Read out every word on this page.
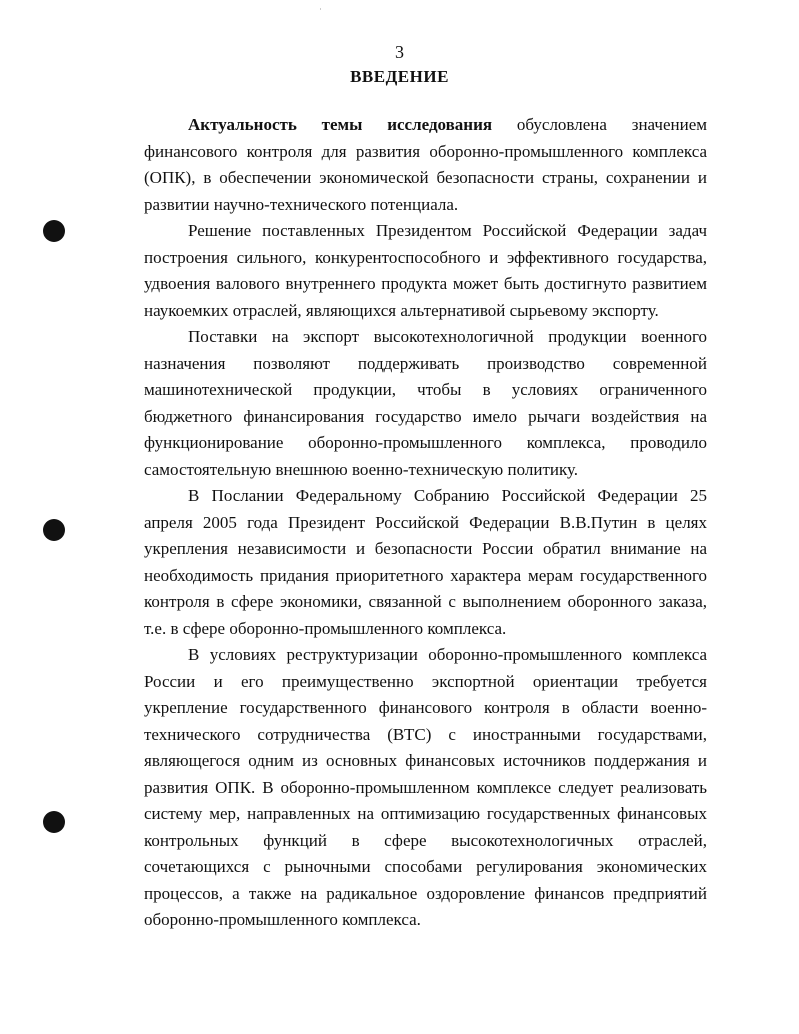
3
ВВЕДЕНИЕ

Актуальность темы исследования обусловлена значением финансового контроля для развития оборонно-промышленного комплекса (ОПК), в обеспечении экономической безопасности страны, сохранении и развитии научно-технического потенциала.

Решение поставленных Президентом Российской Федерации задач построения сильного, конкурентоспособного и эффективного государства, удвоения валового внутреннего продукта может быть достигнуто развитием наукоемких отраслей, являющихся альтернативой сырьевому экспорту.

Поставки на экспорт высокотехнологичной продукции военного назначения позволяют поддерживать производство современной машинотехнической продукции, чтобы в условиях ограниченного бюджетного финансирования государство имело рычаги воздействия на функционирование оборонно-промышленного комплекса, проводило самостоятельную внешнюю военно-техническую политику.

В Послании Федеральному Собранию Российской Федерации 25 апреля 2005 года Президент Российской Федерации В.В.Путин в целях укрепления независимости и безопасности России обратил внимание на необходимость придания приоритетного характера мерам государственного контроля в сфере экономики, связанной с выполнением оборонного заказа, т.е. в сфере оборонно-промышленного комплекса.

В условиях реструктуризации оборонно-промышленного комплекса России и его преимущественно экспортной ориентации требуется укрепление государственного финансового контроля в области военно-технического сотрудничества (ВТС) с иностранными государствами, являющегося одним из основных финансовых источников поддержания и развития ОПК. В оборонно-промышленном комплексе следует реализовать систему мер, направленных на оптимизацию государственных финансовых контрольных функций в сфере высокотехнологичных отраслей, сочетающихся с рыночными способами регулирования экономических процессов, а также на радикальное оздоровление финансов предприятий оборонно-промышленного комплекса.
